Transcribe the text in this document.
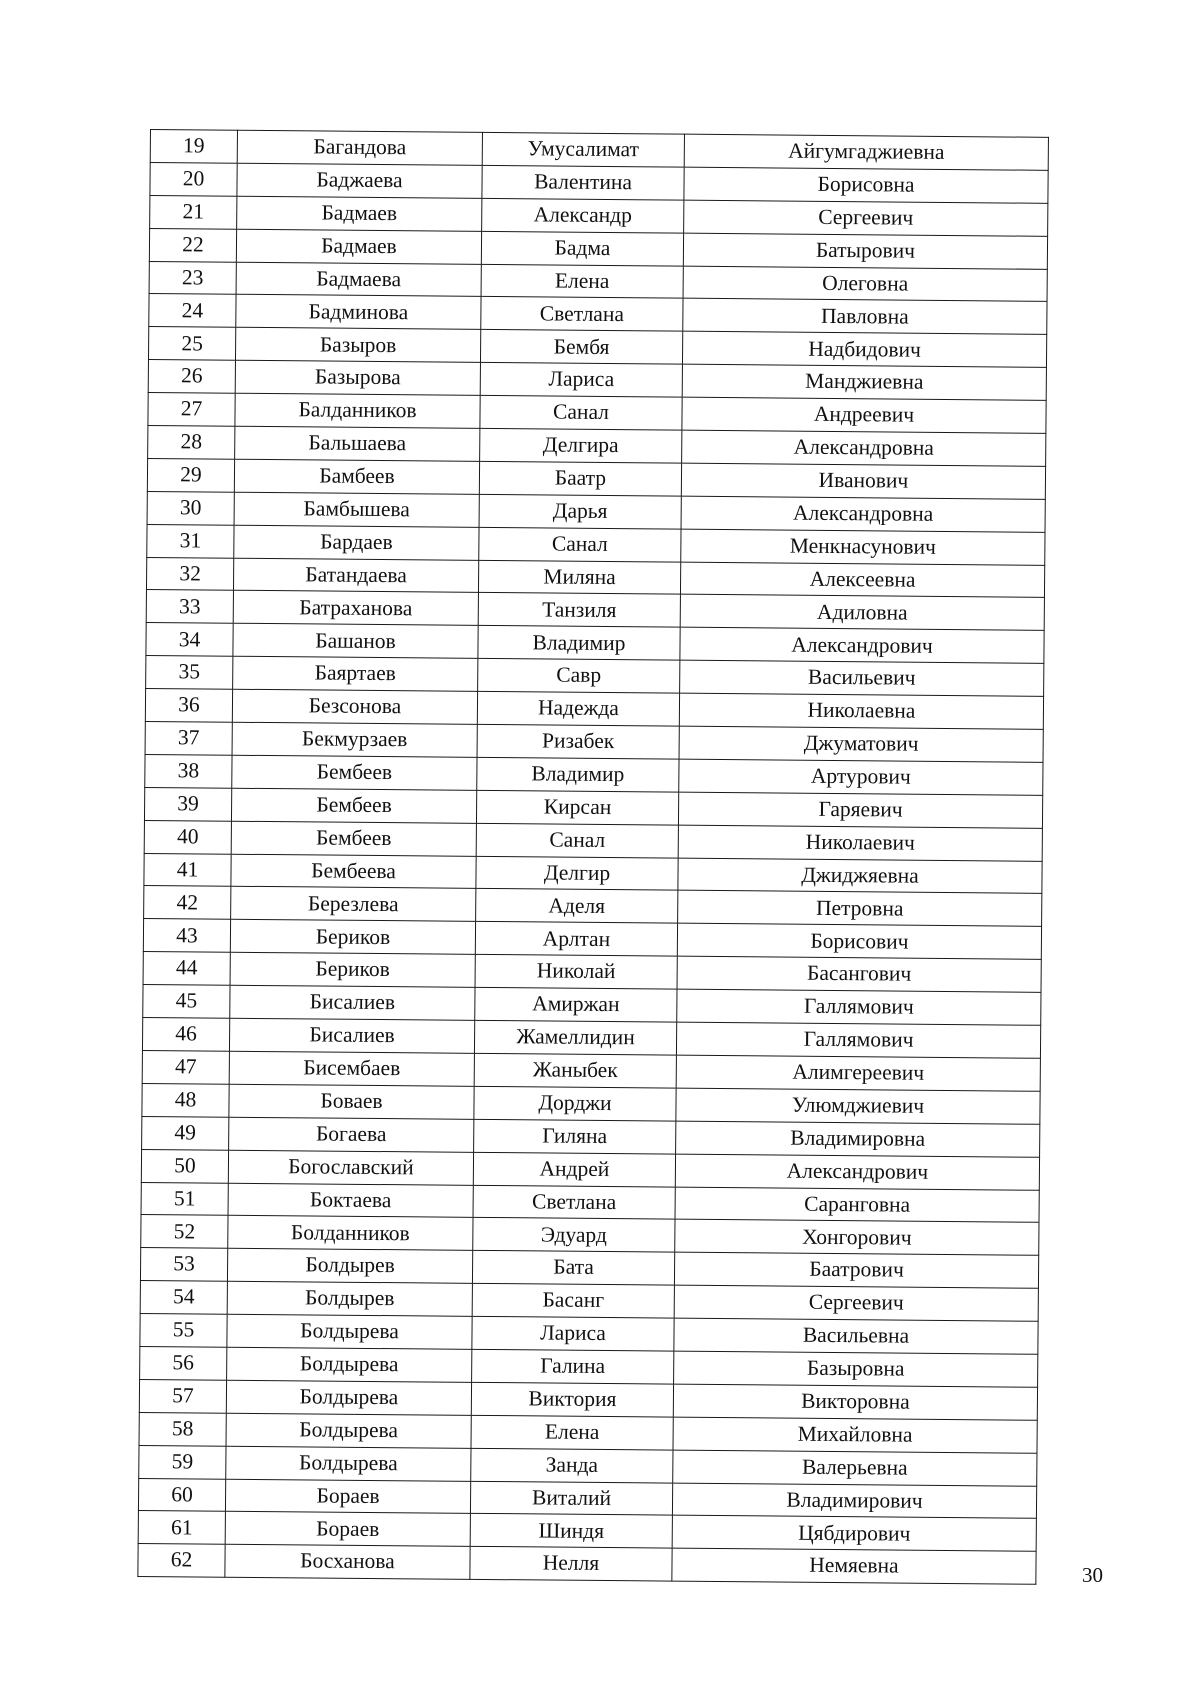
19	Багандова	Умусалимат	Айгумгаджиевна
20	Баджаева	Валентина	Борисовна
21	Бадмаев	Александр	Сергеевич
22	Бадмаев	Бадма	Батырович
23	Бадмаева	Елена	Олеговна
24	Бадминова	Светлана	Павловна
25	Базыров	Бембя	Надбидович
26	Базырова	Лариса	Манджиевна
27	Балданников	Санал	Андреевич
28	Бальшаева	Делгира	Александровна
29	Бамбеев	Баатр	Иванович
30	Бамбышева	Дарья	Александровна
31	Бардаев	Санал	Менкнасунович
32	Батандаева	Миляна	Алексеевна
33	Батраханова	Танзиля	Адиловна
34	Башанов	Владимир	Александрович
35	Баяртаев	Савр	Васильевич
36	Безсонова	Надежда	Николаевна
37	Бекмурзаев	Ризабек	Джуматович
38	Бембеев	Владимир	Артурович
39	Бембеев	Кирсан	Гаряевич
40	Бембеев	Санал	Николаевич
41	Бембеева	Делгир	Джиджяевна
42	Березлева	Аделя	Петровна
43	Бериков	Арлтан	Борисович
44	Бериков	Николай	Басангович
45	Бисалиев	Амиржан	Галлямович
46	Бисалиев	Жамеллидин	Галлямович
47	Бисембаев	Жаныбек	Алимгереевич
48	Боваев	Дорджи	Улюмджиевич
49	Богаева	Гиляна	Владимировна
50	Богославский	Андрей	Александрович
51	Боктаева	Светлана	Саранговна
52	Болданников	Эдуард	Хонгорович
53	Болдырев	Бата	Баатрович
54	Болдырев	Басанг	Сергеевич
55	Болдырева	Лариса	Васильевна
56	Болдырева	Галина	Базыровна
57	Болдырева	Виктория	Викторовна
58	Болдырева	Елена	Михайловна
59	Болдырева	Занда	Валерьевна
60	Бораев	Виталий	Владимирович
61	Бораев	Шиндя	Цябдирович
62	Босханова	Нелля	Немяевна	30
